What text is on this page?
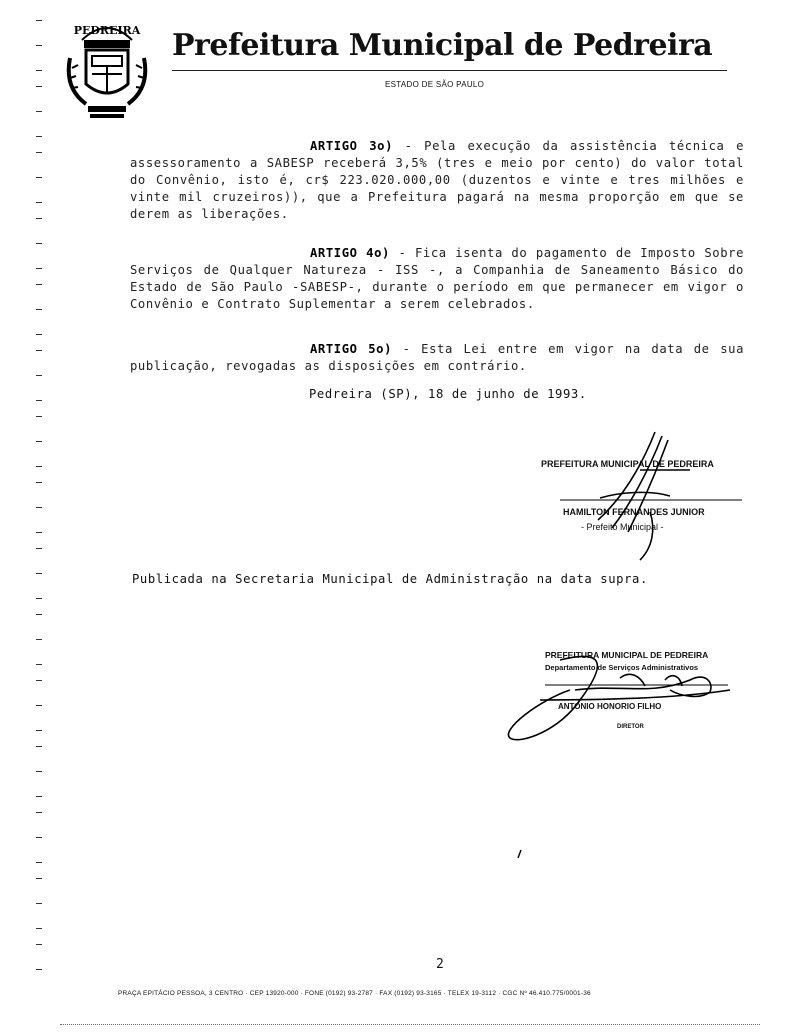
PEDREIRA Prefeitura Municipal de Pedreira
ESTADO DE SÃO PAULO
ARTIGO 3o) - Pela execução da assistência técnica e assessoramento a SABESP receberá 3,5% (tres e meio por cento) do valor total do Convênio, isto é, cr$ 223.020.000,00 (duzentos e vinte e tres milhões e vinte mil cruzeiros)), que a Prefeitura pagará na mesma proporção em que se derem as liberações.
ARTIGO 4o) - Fica isenta do pagamento de Imposto Sobre Serviços de Qualquer Natureza - ISS -, a Companhia de Saneamento Básico do Estado de São Paulo -SABESP-, durante o período em que permanecer em vigor o Convênio e Contrato Suplementar a serem celebrados.
ARTIGO 5o) - Esta Lei entre em vigor na data de sua publicação, revogadas as disposições em contrário.
Pedreira (SP), 18 de junho de 1993.
PREFEITURA MUNICIPAL DE PEDREIRA
HAMILTON FERNANDES JUNIOR
- Prefeito Municipal -
Publicada na Secretaria Municipal de Administração na data supra.
PREFEITURA MUNICIPAL DE PEDREIRA
Departamento de Serviços Administrativos
ANTONIO HONORIO FILHO
DIRETOR
2
PRAÇA EPITÁCIO PESSOA, 3 CENTRO · CEP 13920-000 · FONE (0192) 93-2787 · FAX (0192) 93-3165 · TELEX 19-3112 · CGC Nº 46.410.775/0001-36
